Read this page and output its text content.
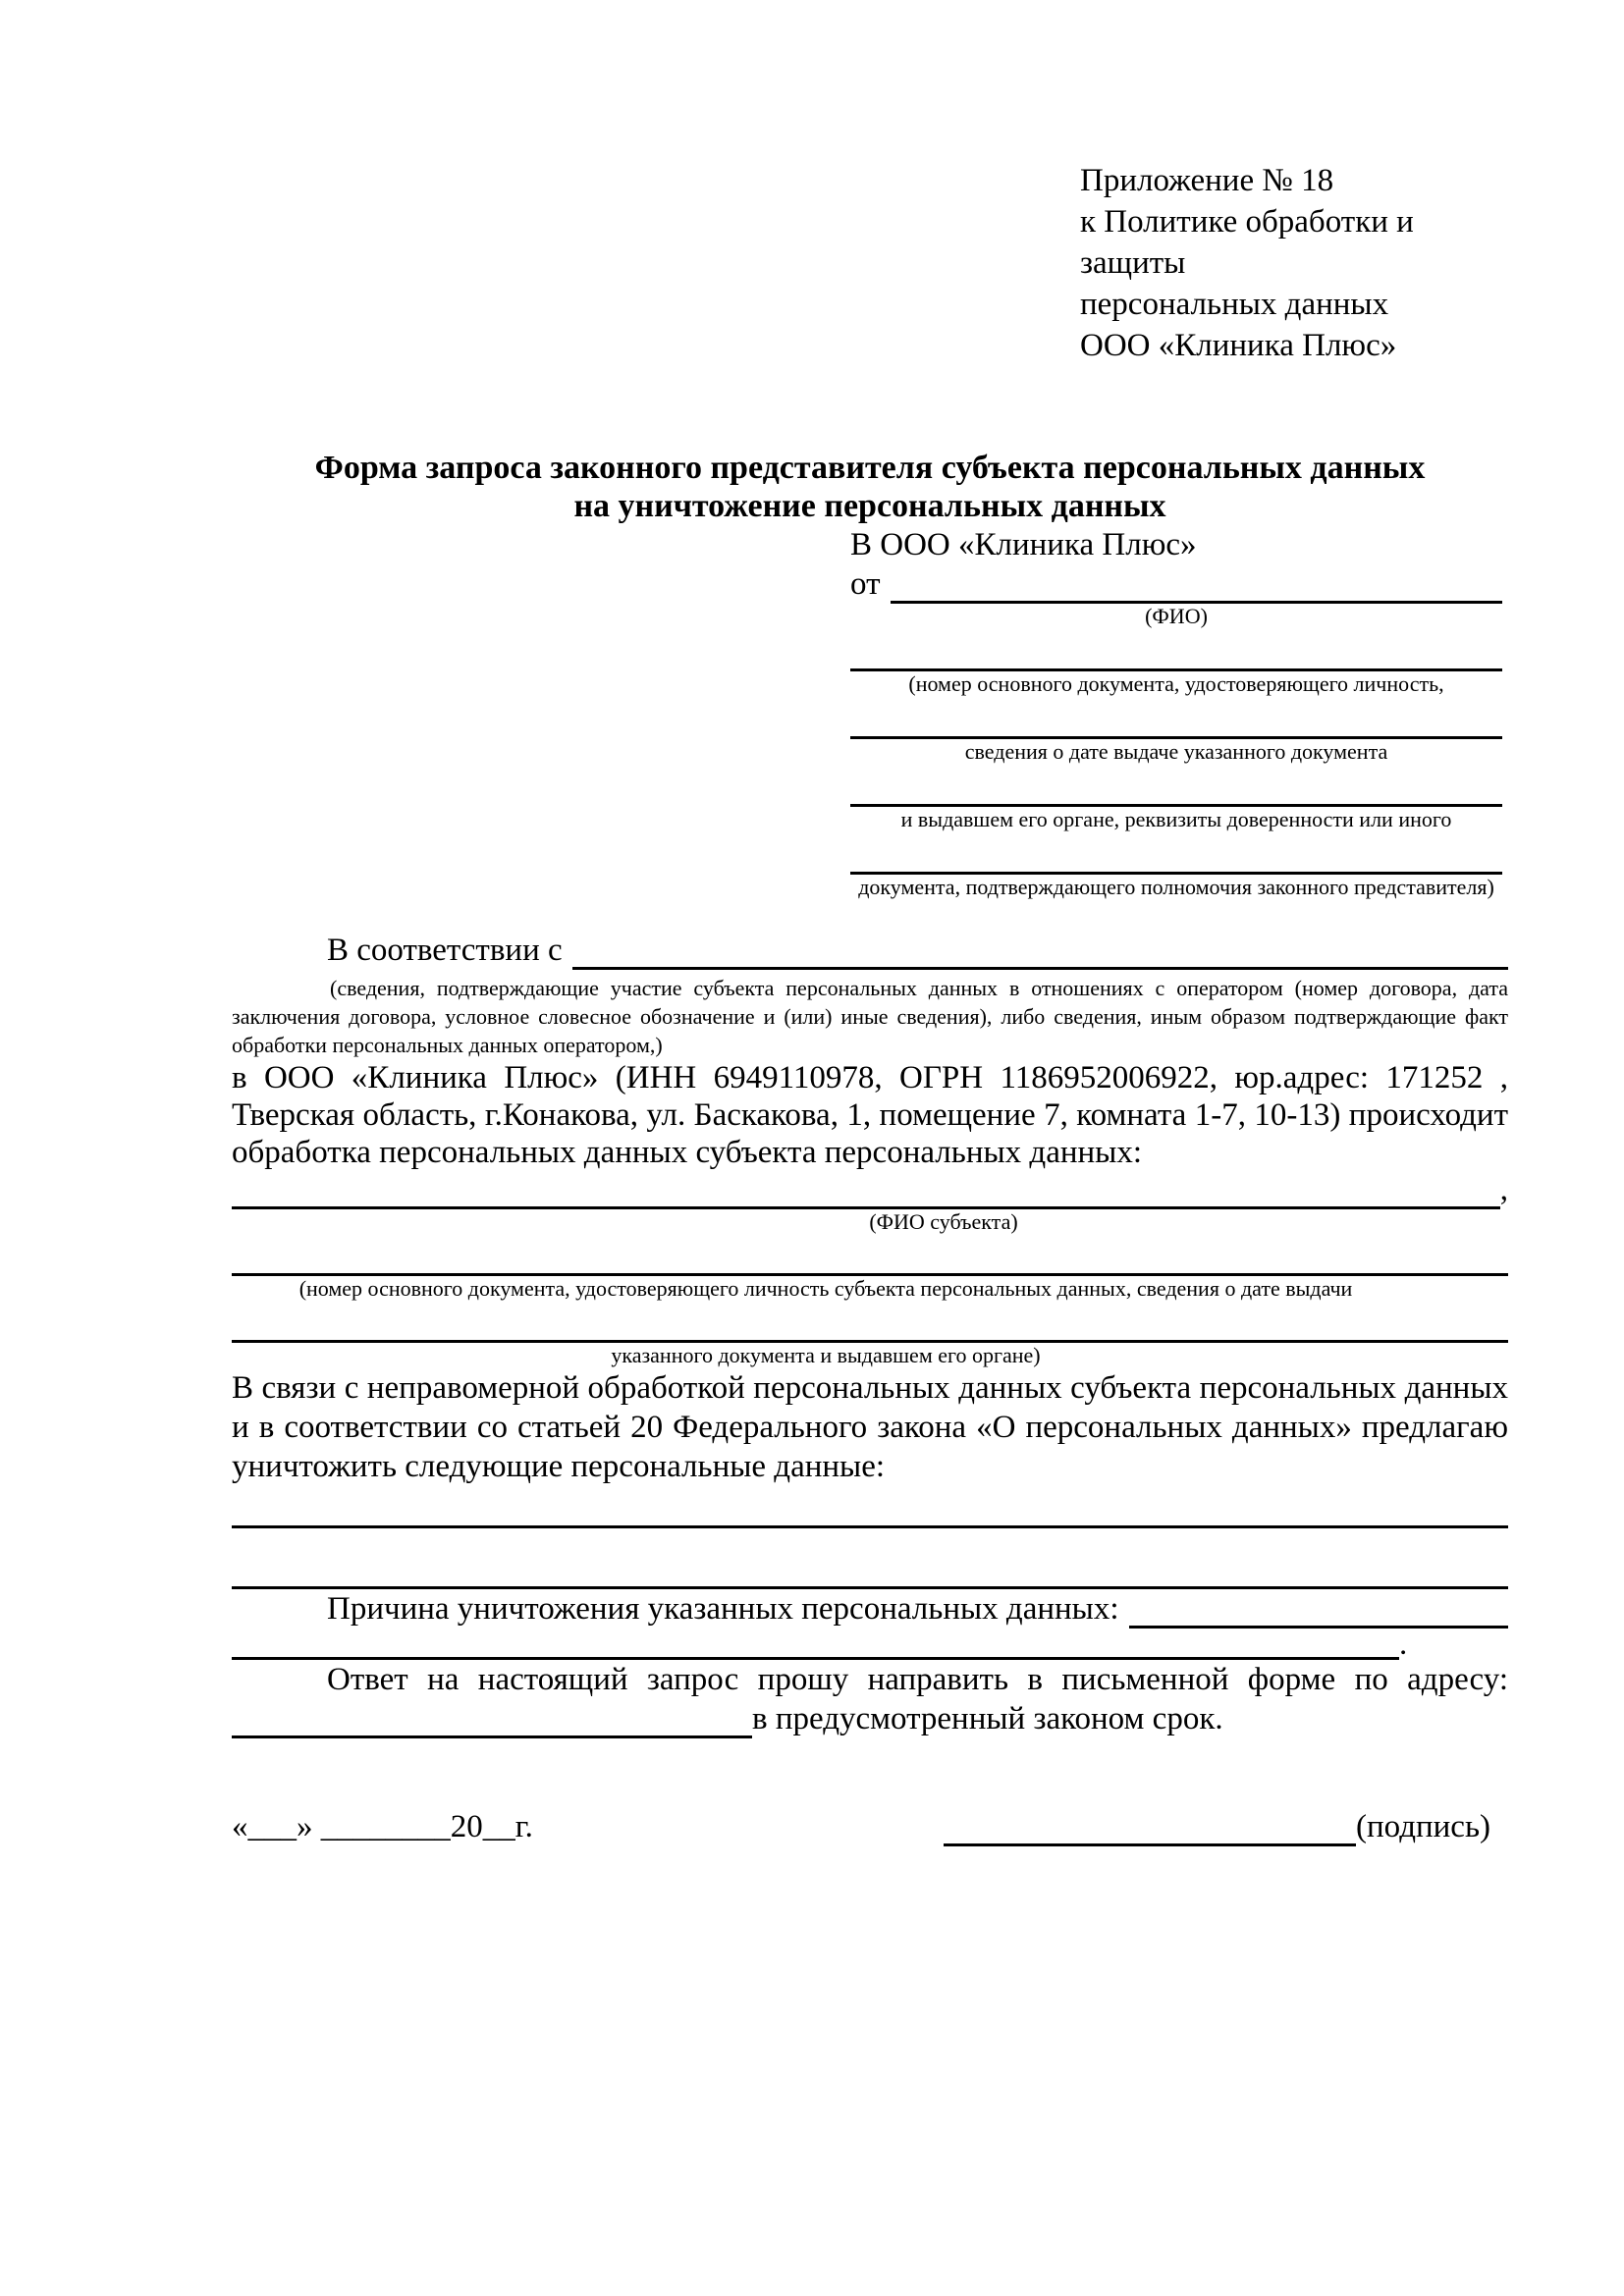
Приложение № 18
к Политике обработки и защиты
персональных данных
ООО «Клиника Плюс»
Форма запроса законного представителя субъекта персональных данных
на уничтожение персональных данных
В ООО «Клиника Плюс»
от
(ФИО)
(номер основного документа, удостоверяющего личность,
сведения о дате выдаче указанного документа
и выдавшем его органе, реквизиты доверенности или иного
документа, подтверждающего полномочия законного представителя)
В соответствии с
(сведения, подтверждающие участие субъекта персональных данных в отношениях с оператором (номер договора, дата заключения договора, условное словесное обозначение и (или) иные сведения), либо сведения, иным образом подтверждающие факт обработки персональных данных оператором,)
в ООО «Клиника Плюс» (ИНН 6949110978, ОГРН 1186952006922, юр.адрес: 171252 , Тверская область, г.Конакова, ул. Баскакова, 1, помещение 7, комната 1-7, 10-13) происходит обработка персональных данных субъекта персональных данных:
,
(ФИО субъекта)
(номер основного документа, удостоверяющего личность субъекта персональных данных, сведения о дате выдачи
указанного документа и выдавшем его органе)
В связи с неправомерной обработкой персональных данных субъекта персональных данных и в соответствии со статьей 20 Федерального закона «О персональных данных» предлагаю уничтожить следующие персональные данные:
Причина уничтожения указанных персональных данных:
.
Ответ на настоящий запрос прошу направить в письменной форме по адресу:
в предусмотренный законом срок.
«___» ________20__г.	(подпись)
